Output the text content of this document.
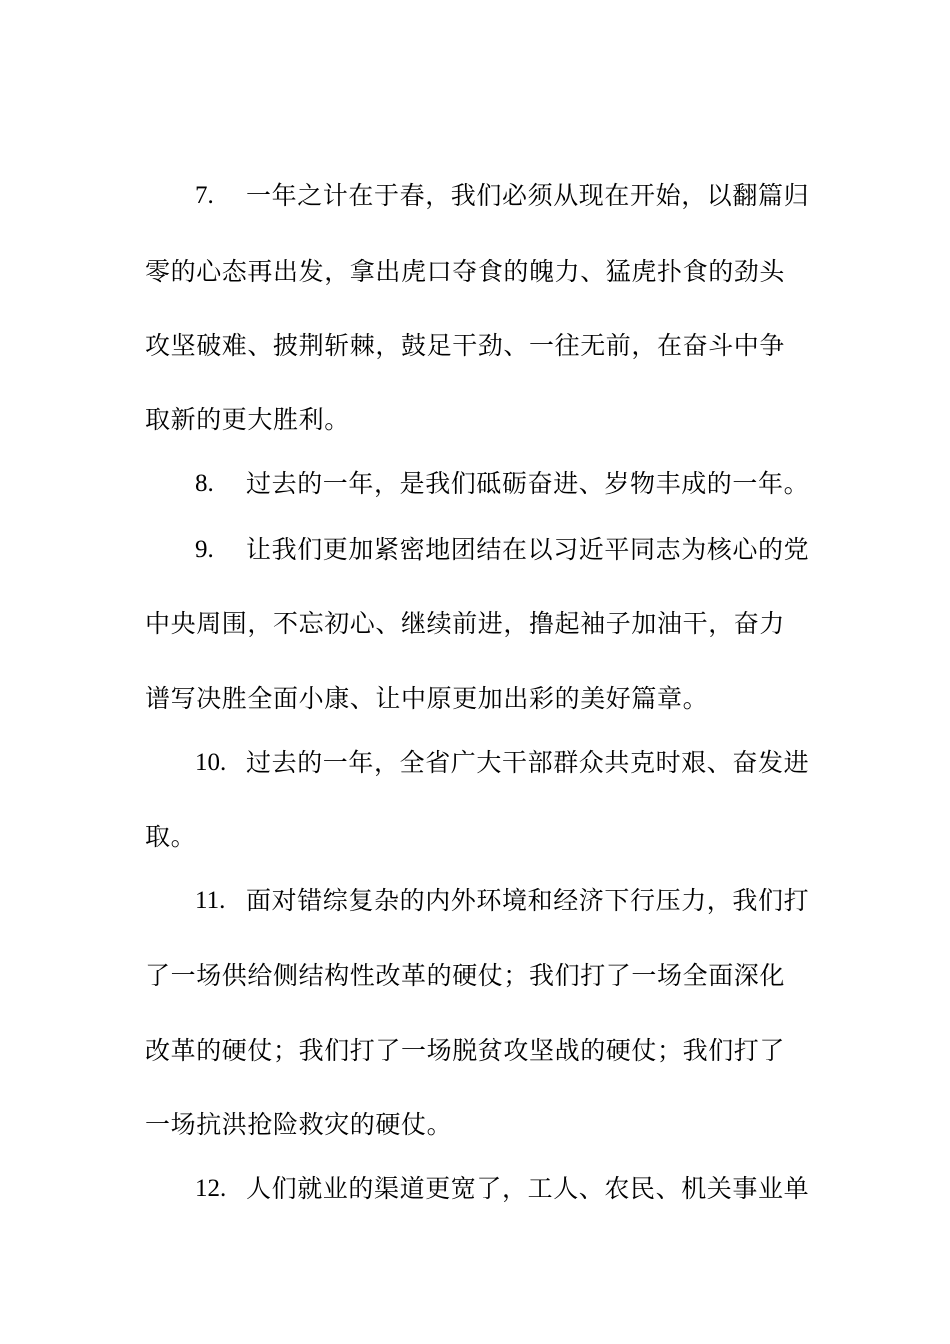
7. 一年之计在于春，我们必须从现在开始，以翻篇归
零的心态再出发，拿出虎口夺食的魄力、猛虎扑食的劲头
攻坚破难、披荆斩棘，鼓足干劲、一往无前，在奋斗中争
取新的更大胜利。
8. 过去的一年，是我们砥砺奋进、岁物丰成的一年。
9. 让我们更加紧密地团结在以习近平同志为核心的党
中央周围，不忘初心、继续前进，撸起袖子加油干，奋力
谱写决胜全面小康、让中原更加出彩的美好篇章。
10. 过去的一年，全省广大干部群众共克时艰、奋发进
取。
11. 面对错综复杂的内外环境和经济下行压力，我们打
了一场供给侧结构性改革的硬仗；我们打了一场全面深化
改革的硬仗；我们打了一场脱贫攻坚战的硬仗；我们打了
一场抗洪抢险救灾的硬仗。
12. 人们就业的渠道更宽了，工人、农民、机关事业单
